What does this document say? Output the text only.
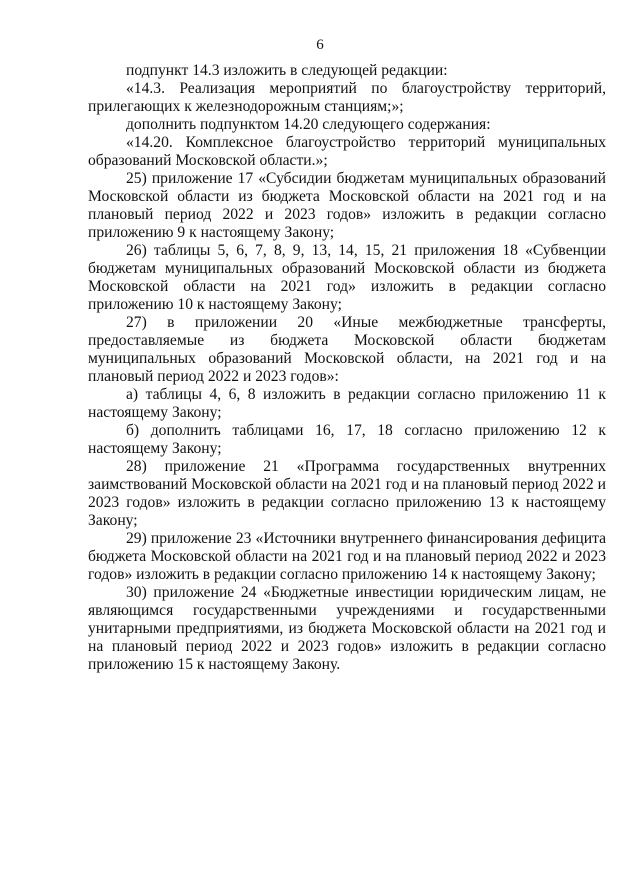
6

подпункт 14.3 изложить в следующей редакции:

«14.3. Реализация мероприятий по благоустройству территорий, прилегающих к железнодорожным станциям;»;

дополнить подпунктом 14.20 следующего содержания:

«14.20. Комплексное благоустройство территорий муниципальных образований Московской области.»;

25) приложение 17 «Субсидии бюджетам муниципальных образований Московской области из бюджета Московской области на 2021 год и на плановый период 2022 и 2023 годов» изложить в редакции согласно приложению 9 к настоящему Закону;

26) таблицы 5, 6, 7, 8, 9, 13, 14, 15, 21 приложения 18 «Субвенции бюджетам муниципальных образований Московской области из бюджета Московской области на 2021 год» изложить в редакции согласно приложению 10 к настоящему Закону;

27) в приложении 20 «Иные межбюджетные трансферты, предоставляемые из бюджета Московской области бюджетам муниципальных образований Московской области, на 2021 год и на плановый период 2022 и 2023 годов»:

а) таблицы 4, 6, 8 изложить в редакции согласно приложению 11 к настоящему Закону;

б) дополнить таблицами 16, 17, 18 согласно приложению 12 к настоящему Закону;

28) приложение 21 «Программа государственных внутренних заимствований Московской области на 2021 год и на плановый период 2022 и 2023 годов» изложить в редакции согласно приложению 13 к настоящему Закону;

29) приложение 23 «Источники внутреннего финансирования дефицита бюджета Московской области на 2021 год и на плановый период 2022 и 2023 годов» изложить в редакции согласно приложению 14 к настоящему Закону;

30) приложение 24 «Бюджетные инвестиции юридическим лицам, не являющимся государственными учреждениями и государственными унитарными предприятиями, из бюджета Московской области на 2021 год и на плановый период 2022 и 2023 годов» изложить в редакции согласно приложению 15 к настоящему Закону.
